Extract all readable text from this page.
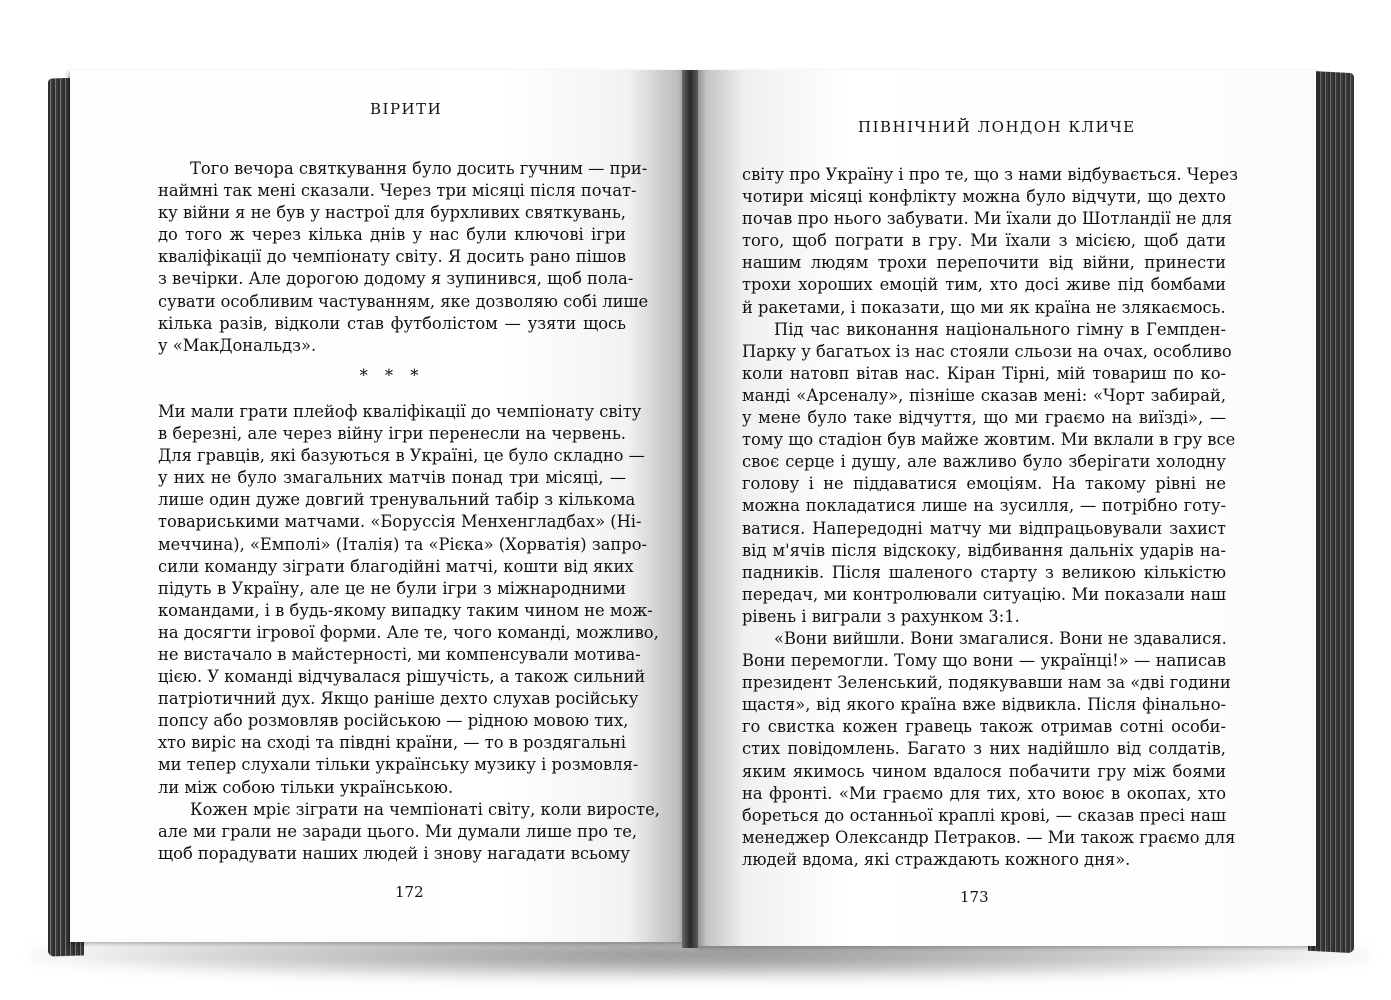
ВІРИТИ
ПІВНІЧНИЙ ЛОНДОН КЛИЧЕ
Того вечора святкування було досить гучним — при-
наймні так мені сказали. Через три місяці після почат-
ку війни я не був у настрої для бурхливих святкувань,
до того ж через кілька днів у нас були ключові ігри
кваліфікації до чемпіонату світу. Я досить рано пішов
з вечірки. Але дорогою додому я зупинився, щоб пола-
сувати особливим частуванням, яке дозволяю собі лише
кілька разів, відколи став футболістом — узяти щось
у «МакДональдз».
* * *
Ми мали грати плейоф кваліфікації до чемпіонату світу
в березні, але через війну ігри перенесли на червень.
Для гравців, які базуються в Україні, це було складно —
у них не було змагальних матчів понад три місяці, —
лише один дуже довгий тренувальний табір з кількома
товариськими матчами. «Боруссія Менхенгладбах» (Ні-
меччина), «Емполі» (Італія) та «Рієка» (Хорватія) запро-
сили команду зіграти благодійні матчі, кошти від яких
підуть в Україну, але це не були ігри з міжнародними
командами, і в будь-якому випадку таким чином не мож-
на досягти ігрової форми. Але те, чого команді, можливо,
не вистачало в майстерності, ми компенсували мотива-
цією. У команді відчувалася рішучість, а також сильний
патріотичний дух. Якщо раніше дехто слухав російську
попсу або розмовляв російською — рідною мовою тих,
хто виріс на сході та півдні країни, — то в роздягальні
ми тепер слухали тільки українську музику і розмовля-
ли між собою тільки українською.
Кожен мріє зіграти на чемпіонаті світу, коли виросте,
але ми грали не заради цього. Ми думали лише про те,
щоб порадувати наших людей і знову нагадати всьому
світу про Україну і про те, що з нами відбувається. Через
чотири місяці конфлікту можна було відчути, що дехто
почав про нього забувати. Ми їхали до Шотландії не для
того, щоб пограти в гру. Ми їхали з місією, щоб дати
нашим людям трохи перепочити від війни, принести
трохи хороших емоцій тим, хто досі живе під бомбами
й ракетами, і показати, що ми як країна не злякаємось.
Під час виконання національного гімну в Гемпден-
Парку у багатьох із нас стояли сльози на очах, особливо
коли натовп вітав нас. Кіран Тірні, мій товариш по ко-
манді «Арсеналу», пізніше сказав мені: «Чорт забирай,
у мене було таке відчуття, що ми граємо на виїзді», —
тому що стадіон був майже жовтим. Ми вклали в гру все
своє серце і душу, але важливо було зберігати холодну
голову і не піддаватися емоціям. На такому рівні не
можна покладатися лише на зусилля, — потрібно готу-
ватися. Напередодні матчу ми відпрацьовували захист
від м'ячів після відскоку, відбивання дальніх ударів на-
падників. Після шаленого старту з великою кількістю
передач, ми контролювали ситуацію. Ми показали наш
рівень і виграли з рахунком 3:1.
«Вони вийшли. Вони змагалися. Вони не здавалися.
Вони перемогли. Тому що вони — українці!» — написав
президент Зеленський, подякувавши нам за «дві години
щастя», від якого країна вже відвикла. Після фінально-
го свистка кожен гравець також отримав сотні особи-
стих повідомлень. Багато з них надійшло від солдатів,
яким якимось чином вдалося побачити гру між боями
на фронті. «Ми граємо для тих, хто воює в окопах, хто
бореться до останньої краплі крові, — сказав пресі наш
менеджер Олександр Петраков. — Ми також граємо для
людей вдома, які страждають кожного дня».
172	173
